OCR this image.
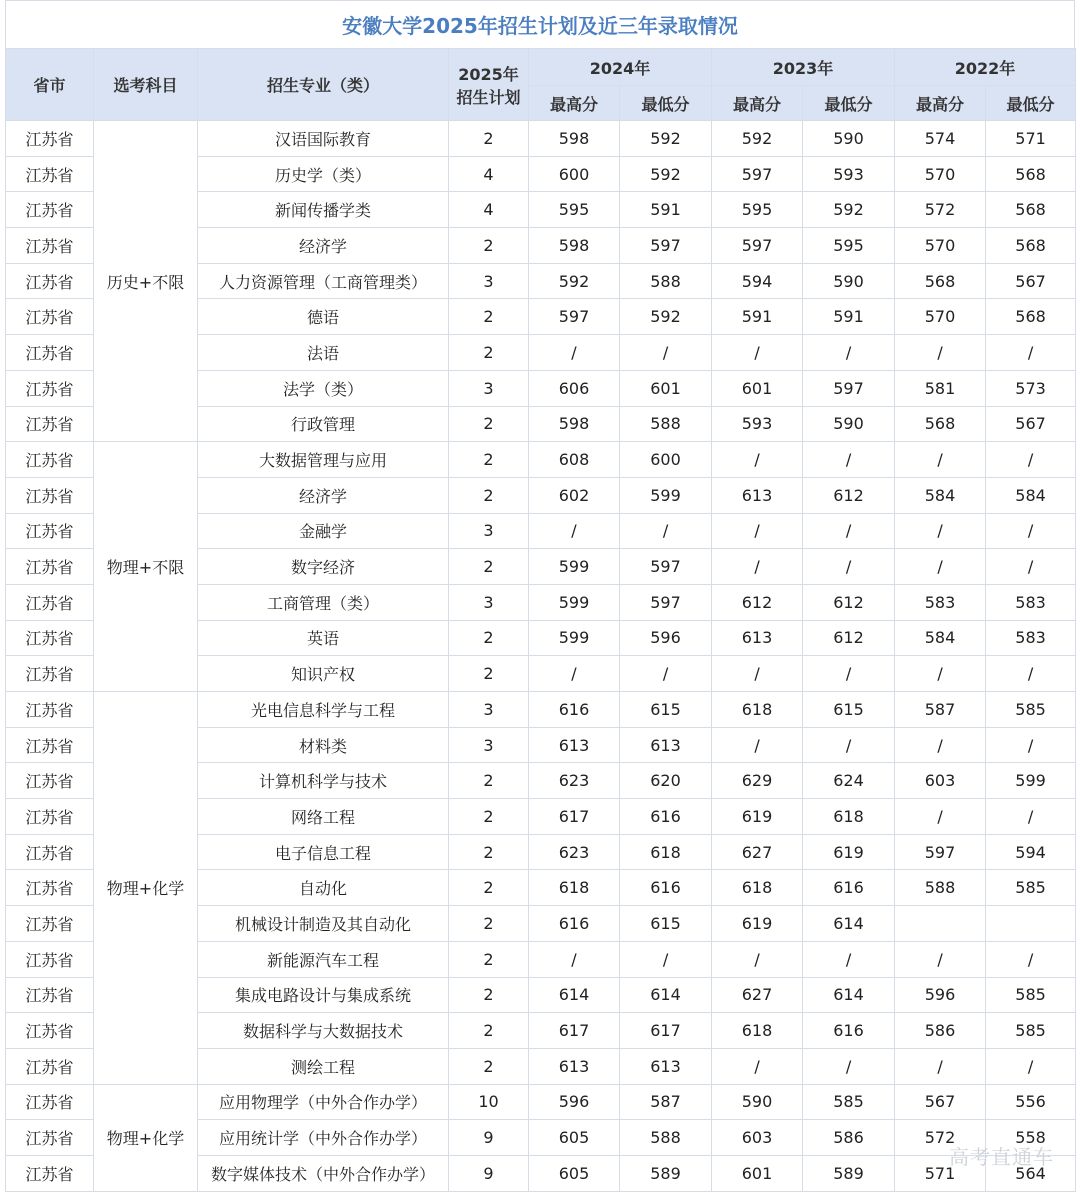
安徽大学2025年招生计划及近三年录取情况
省市	选考科目	招生专业（类）	2025年
招生计划	2024年		2023年		2022年	
				最高分	最低分	最高分	最低分	最高分	最低分
江苏省	历史+不限	汉语国际教育	2	598	592	592	590	574	571
江苏省		历史学（类）	4	600	592	597	593	570	568
江苏省		新闻传播学类	4	595	591	595	592	572	568
江苏省		经济学	2	598	597	597	595	570	568
江苏省		人力资源管理（工商管理类）	3	592	588	594	590	568	567
江苏省		德语	2	597	592	591	591	570	568
江苏省		法语	2	/	/	/	/	/	/
江苏省		法学（类）	3	606	601	601	597	581	573
江苏省		行政管理	2	598	588	593	590	568	567
江苏省	物理+不限	大数据管理与应用	2	608	600	/	/	/	/
江苏省		经济学	2	602	599	613	612	584	584
江苏省		金融学	3	/	/	/	/	/	/
江苏省		数字经济	2	599	597	/	/	/	/
江苏省		工商管理（类）	3	599	597	612	612	583	583
江苏省		英语	2	599	596	613	612	584	583
江苏省		知识产权	2	/	/	/	/	/	/
江苏省	物理+化学	光电信息科学与工程	3	616	615	618	615	587	585
江苏省		材料类	3	613	613	/	/	/	/
江苏省		计算机科学与技术	2	623	620	629	624	603	599
江苏省		网络工程	2	617	616	619	618	/	/
江苏省		电子信息工程	2	623	618	627	619	597	594
江苏省		自动化	2	618	616	618	616	588	585
江苏省		机械设计制造及其自动化	2	616	615	619	614		
江苏省		新能源汽车工程	2	/	/	/	/	/	/
江苏省		集成电路设计与集成系统	2	614	614	627	614	596	585
江苏省		数据科学与大数据技术	2	617	617	618	616	586	585
江苏省		测绘工程	2	613	613	/	/	/	/
江苏省	物理+化学	应用物理学（中外合作办学）	10	596	587	590	585	567	556
江苏省		应用统计学（中外合作办学）	9	605	588	603	586	572	558
江苏省		数字媒体技术（中外合作办学）	9	605	589	601	589	571	564
高考直通车
